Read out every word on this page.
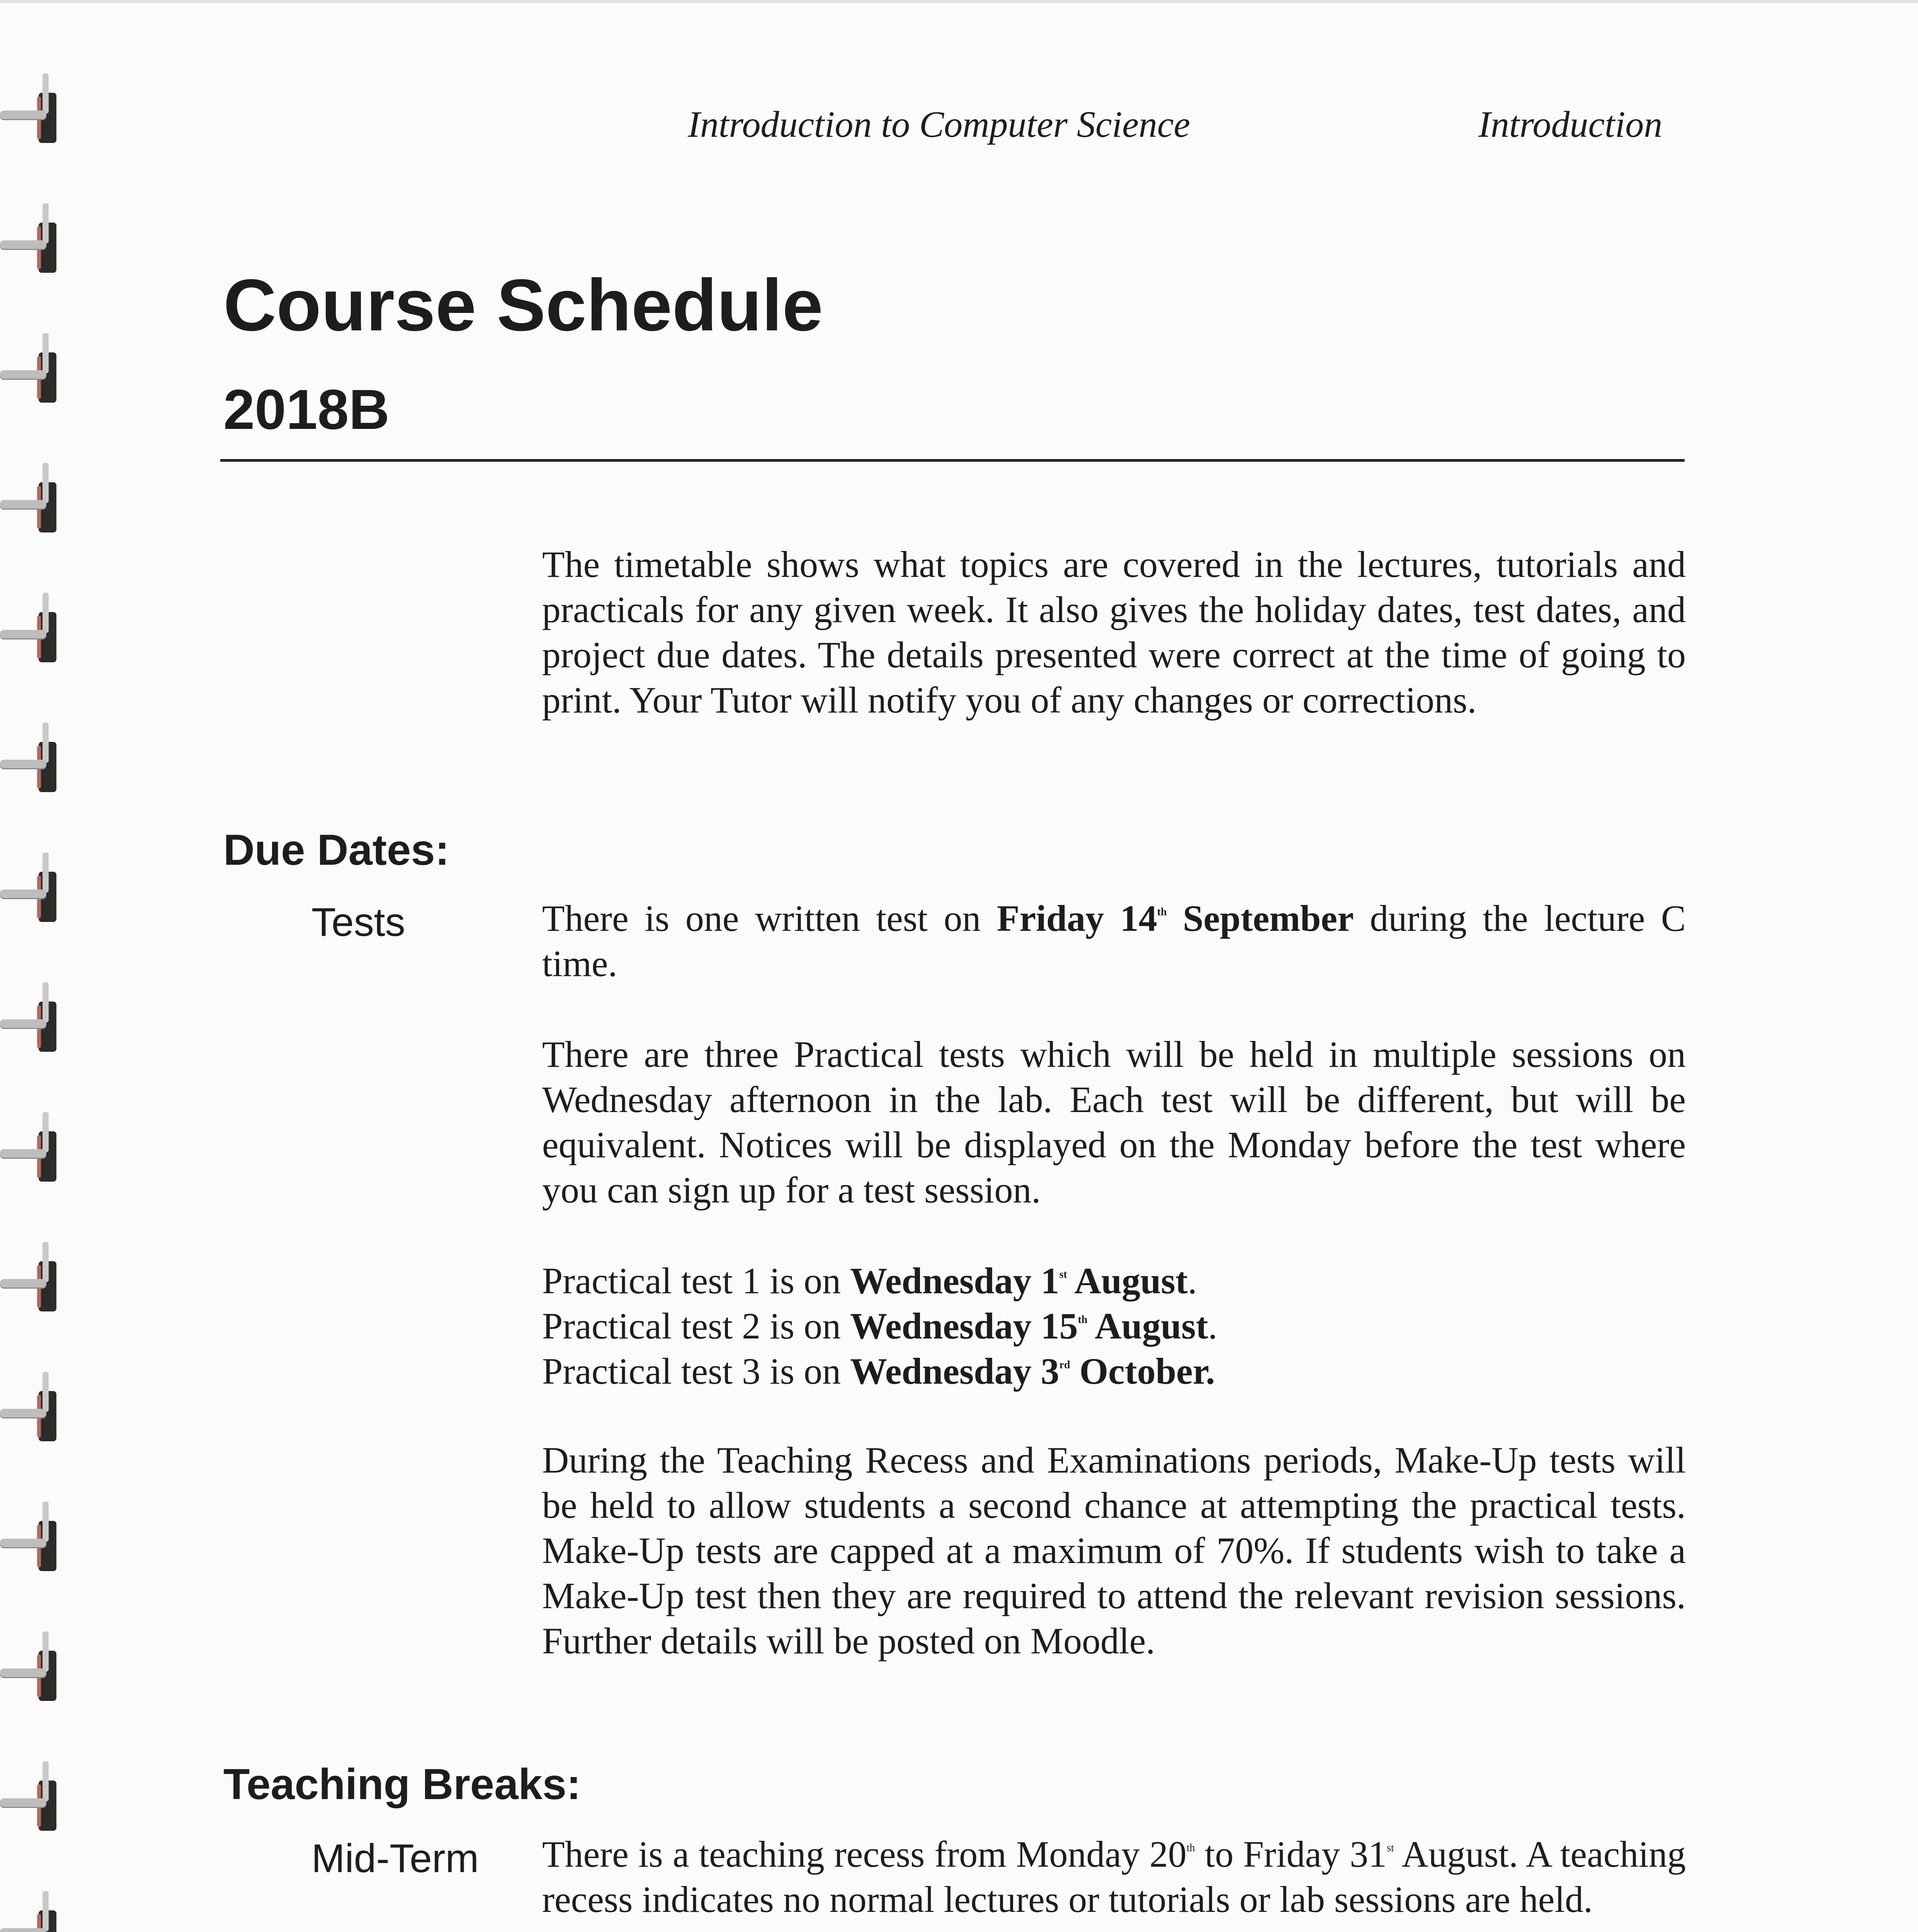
Introduction to Computer Science	Introduction
Course Schedule
2018B
The timetable shows what topics are covered in the lectures, tutorials and practicals for any given week. It also gives the holiday dates, test dates, and project due dates. The details presented were correct at the time of going to print. Your Tutor will notify you of any changes or corrections.
Due Dates:
Tests	There is one written test on Friday 14th September during the lecture C time.
There are three Practical tests which will be held in multiple sessions on Wednesday afternoon in the lab. Each test will be different, but will be equivalent. Notices will be displayed on the Monday before the test where you can sign up for a test session.
Practical test 1 is on Wednesday 1st August.
Practical test 2 is on Wednesday 15th August.
Practical test 3 is on Wednesday 3rd October.
During the Teaching Recess and Examinations periods, Make-Up tests will be held to allow students a second chance at attempting the practical tests. Make-Up tests are capped at a maximum of 70%. If students wish to take a Make-Up test then they are required to attend the relevant revision sessions. Further details will be posted on Moodle.
Teaching Breaks:
Mid-Term There is a teaching recess from Monday 20th to Friday 31st August. A teaching recess indicates no normal lectures or tutorials or lab sessions are held.
